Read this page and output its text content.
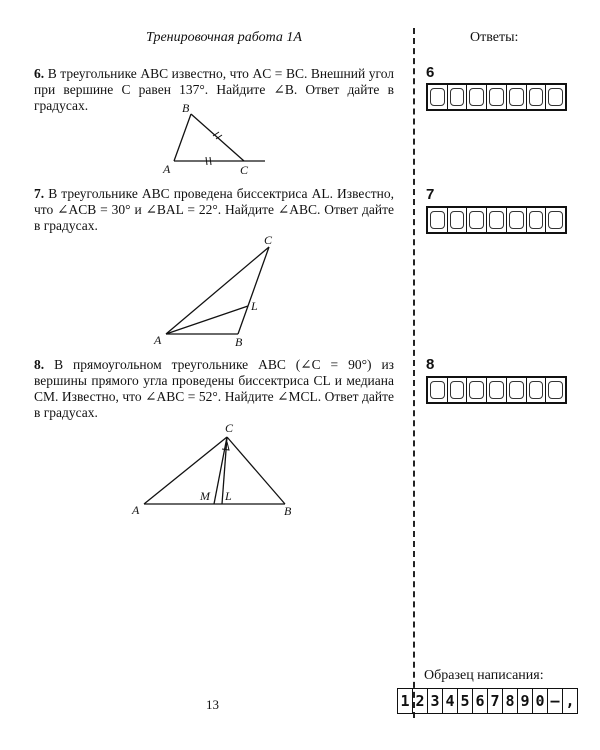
Тренировочная работа 1А	Ответы:
6. В треугольнике ABC известно, что AC = BC. Внешний угол при вершине C равен 137°. Найдите ∠B. Ответ дайте в градусах.	B
A	C
7. В треугольнике ABC проведена биссектриса AL. Известно, что ∠ACB = 30° и ∠BAL = 22°. Найдите ∠ABC. Ответ дайте в градусах.
C
L
A	B
8. В прямоугольном треугольнике ABC (∠C = 90°) из вершины прямого угла проведены биссектриса CL и медиана CM. Известно, что ∠ABC = 52°. Найдите ∠MCL. Ответ дайте в градусах.
C
M L
A	B
6
7
8
13
Образец написания:
1 2 3 4 5 6 7 8 9 0 – ,
